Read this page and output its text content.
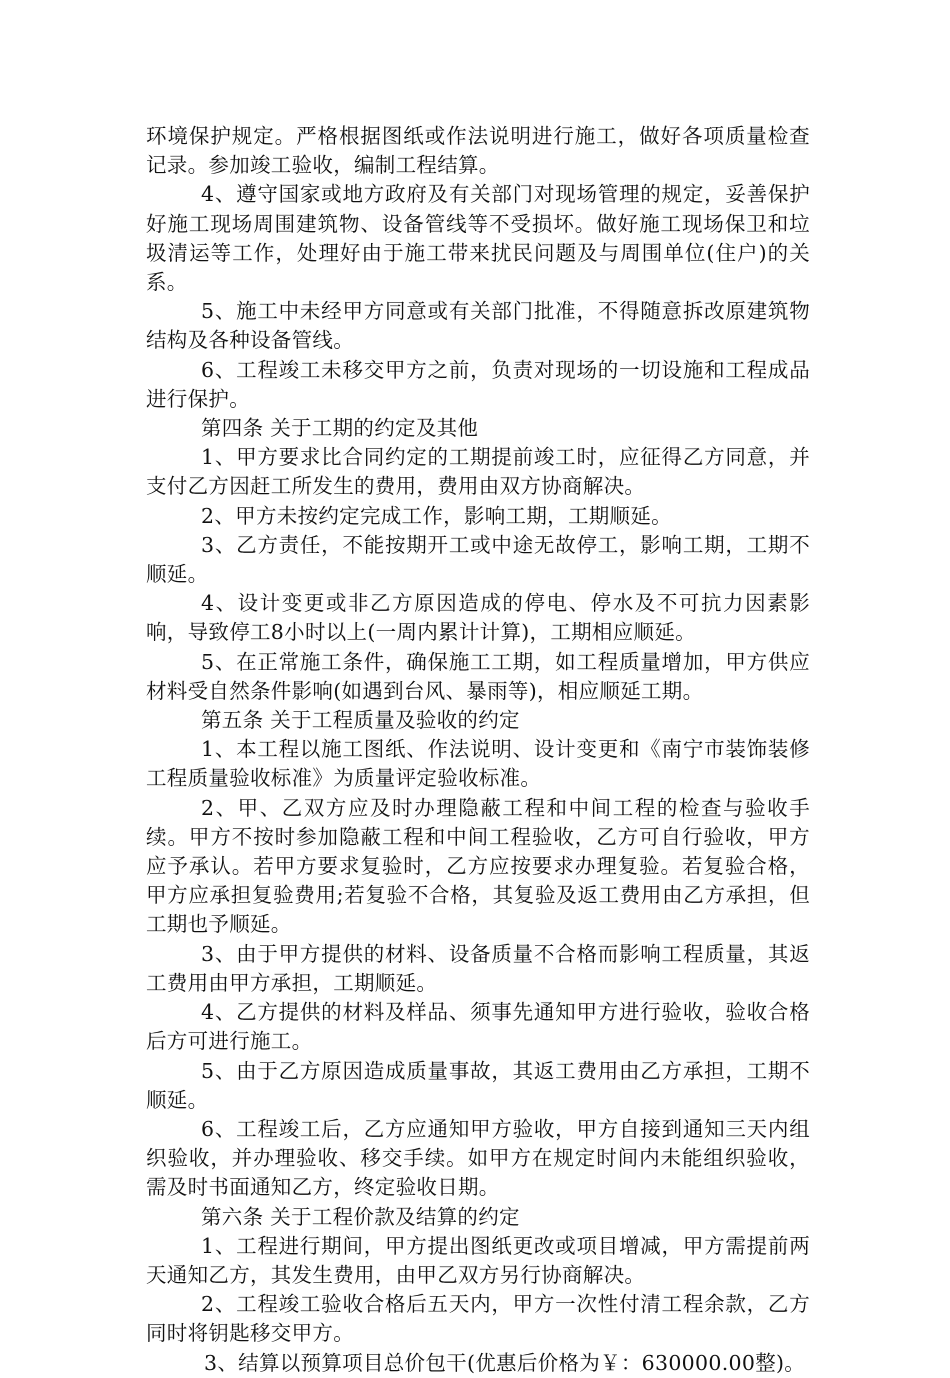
环境保护规定。严格根据图纸或作法说明进行施工，做好各项质量检查记录。参加竣工验收，编制工程结算。

4、遵守国家或地方政府及有关部门对现场管理的规定，妥善保护好施工现场周围建筑物、设备管线等不受损坏。做好施工现场保卫和垃圾清运等工作，处理好由于施工带来扰民问题及与周围单位(住户)的关系。

5、施工中未经甲方同意或有关部门批准，不得随意拆改原建筑物结构及各种设备管线。

6、工程竣工未移交甲方之前，负责对现场的一切设施和工程成品进行保护。

第四条 关于工期的约定及其他

1、甲方要求比合同约定的工期提前竣工时，应征得乙方同意，并支付乙方因赶工所发生的费用，费用由双方协商解决。

2、甲方未按约定完成工作，影响工期，工期顺延。

3、乙方责任，不能按期开工或中途无故停工，影响工期，工期不顺延。

4、设计变更或非乙方原因造成的停电、停水及不可抗力因素影响，导致停工8小时以上(一周内累计计算)，工期相应顺延。

5、在正常施工条件，确保施工工期，如工程质量增加，甲方供应材料受自然条件影响(如遇到台风、暴雨等)，相应顺延工期。

第五条 关于工程质量及验收的约定

1、本工程以施工图纸、作法说明、设计变更和《南宁市装饰装修工程质量验收标准》为质量评定验收标准。

2、甲、乙双方应及时办理隐蔽工程和中间工程的检查与验收手续。甲方不按时参加隐蔽工程和中间工程验收，乙方可自行验收，甲方应予承认。若甲方要求复验时，乙方应按要求办理复验。若复验合格，甲方应承担复验费用;若复验不合格，其复验及返工费用由乙方承担，但工期也予顺延。

3、由于甲方提供的材料、设备质量不合格而影响工程质量，其返工费用由甲方承担，工期顺延。

4、乙方提供的材料及样品、须事先通知甲方进行验收，验收合格后方可进行施工。

5、由于乙方原因造成质量事故，其返工费用由乙方承担，工期不顺延。

6、工程竣工后，乙方应通知甲方验收，甲方自接到通知三天内组织验收，并办理验收、移交手续。如甲方在规定时间内未能组织验收，需及时书面通知乙方，终定验收日期。

第六条 关于工程价款及结算的约定

1、工程进行期间，甲方提出图纸更改或项目增减，甲方需提前两天通知乙方，其发生费用，由甲乙双方另行协商解决。

2、工程竣工验收合格后五天内，甲方一次性付清工程余款，乙方同时将钥匙移交甲方。

3、结算以预算项目总价包干(优惠后价格为￥：630000.00整)。
